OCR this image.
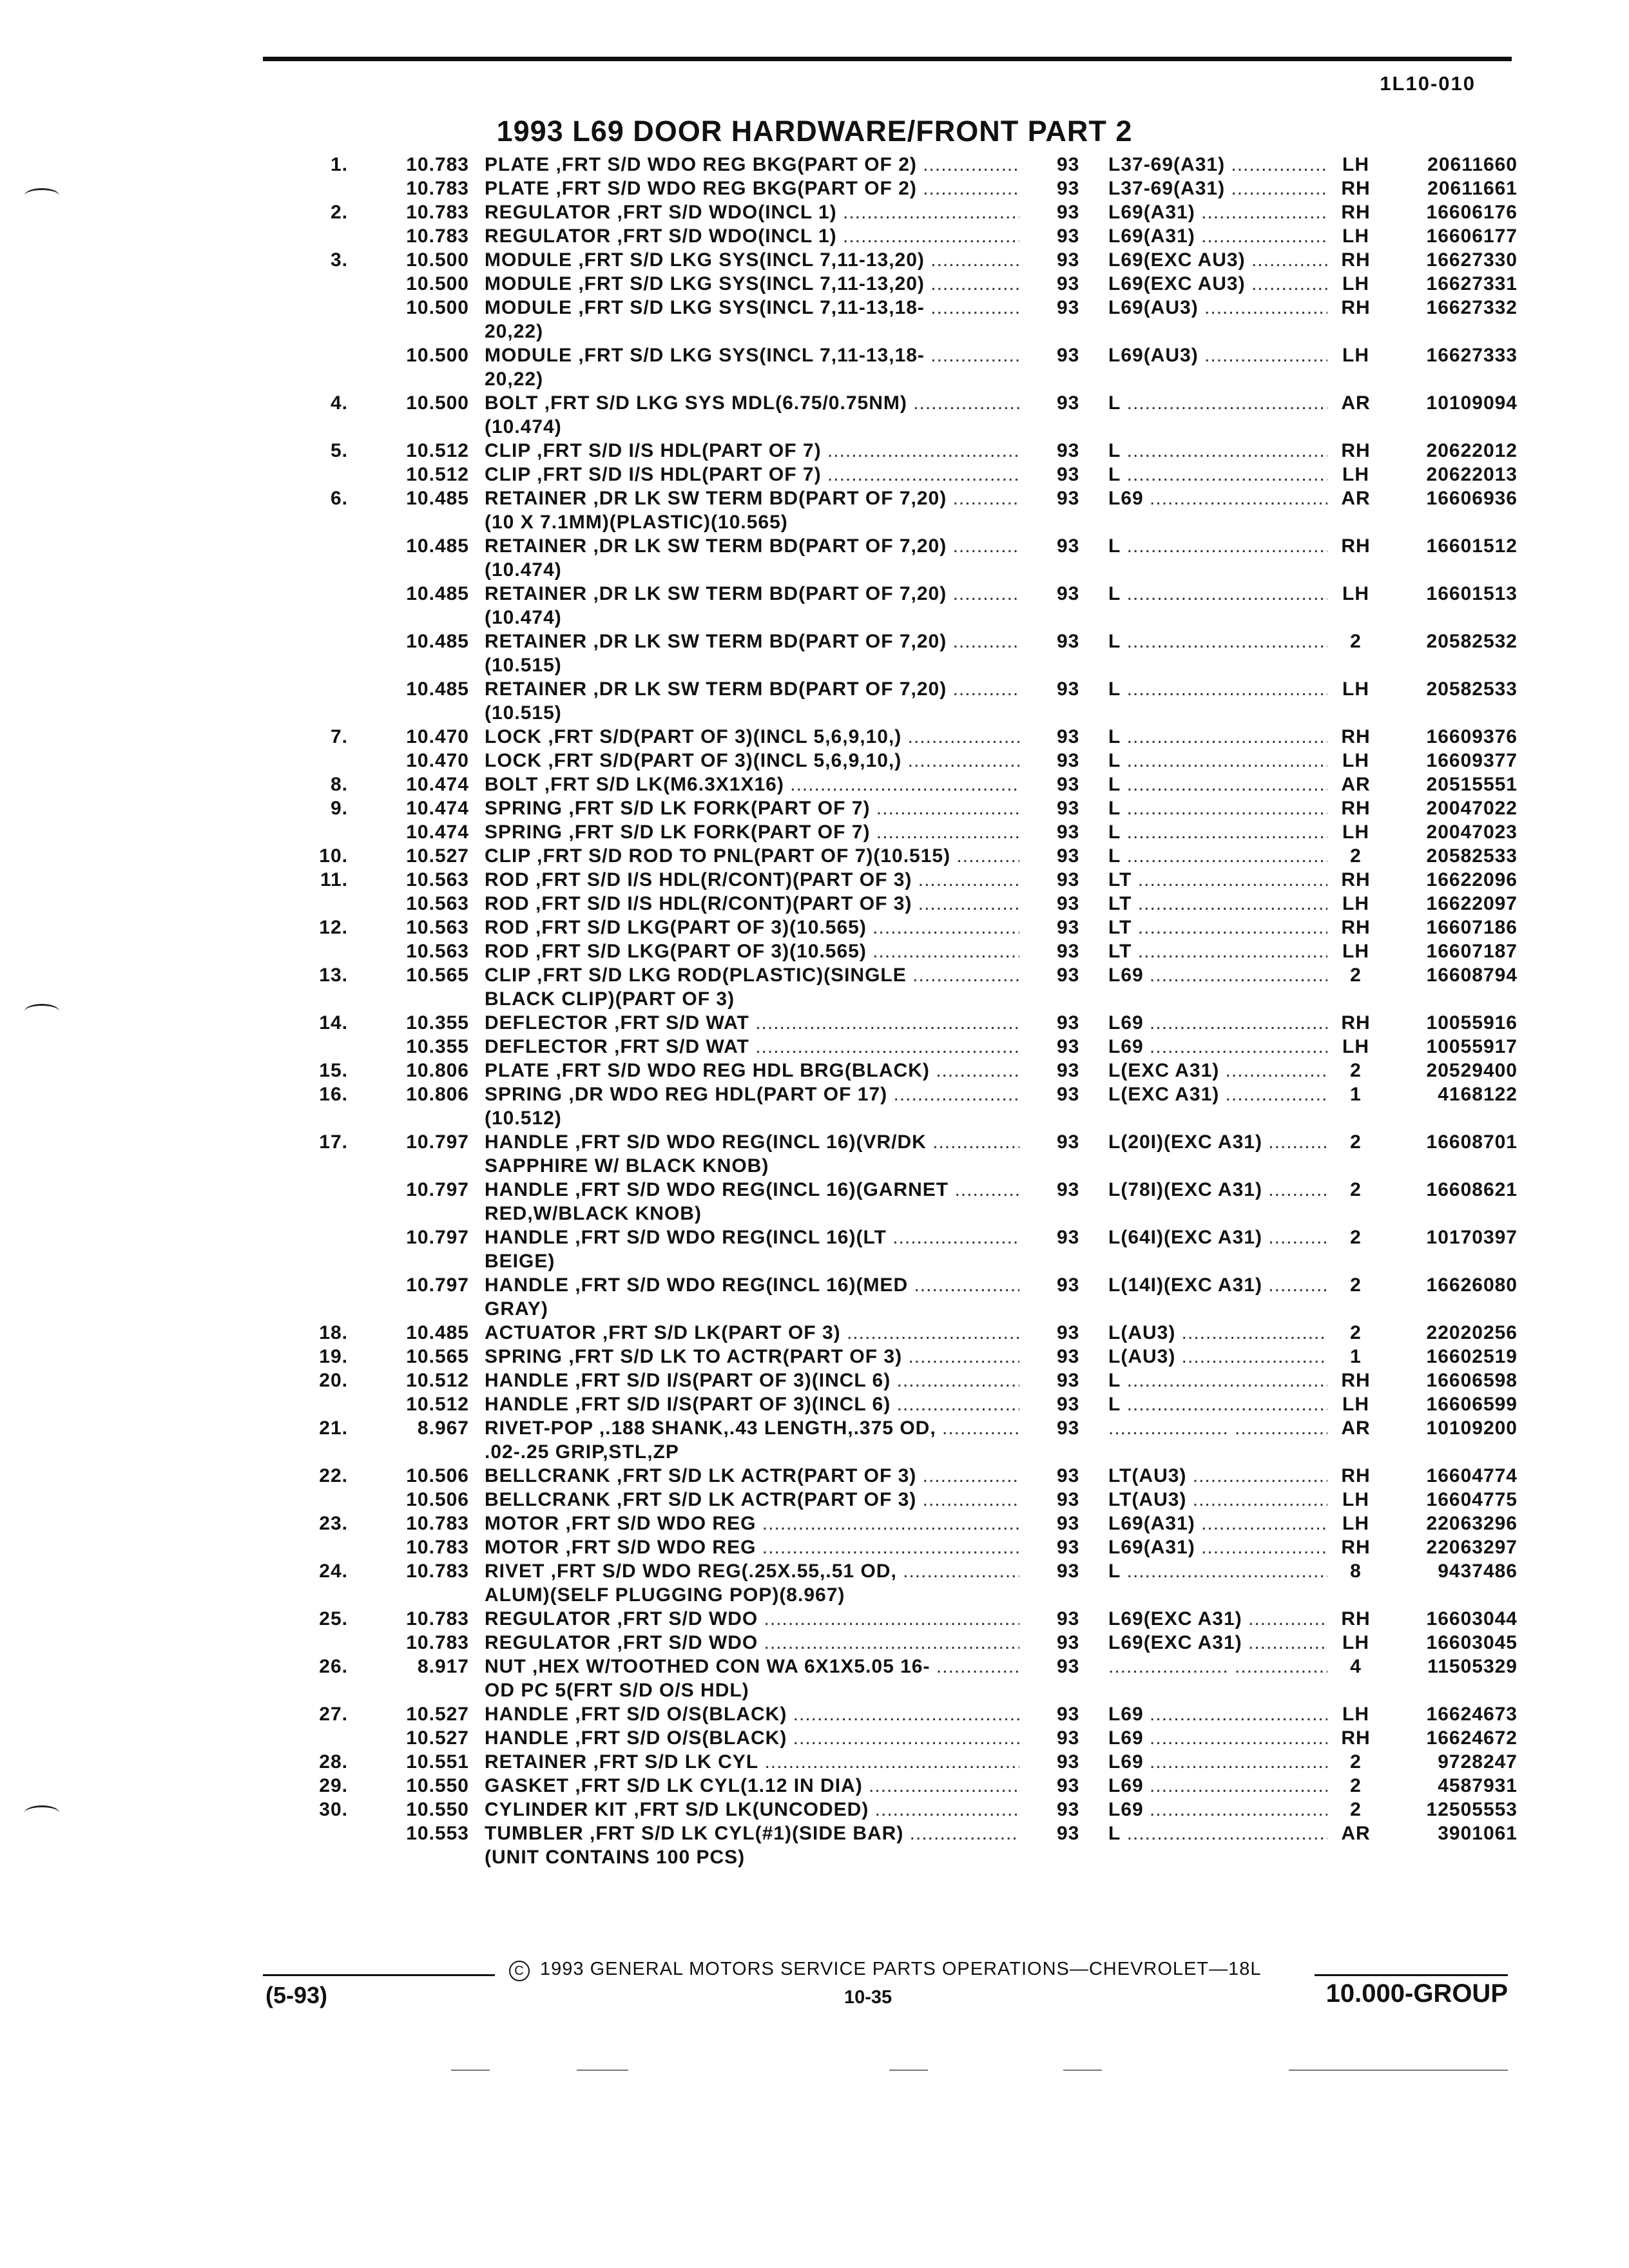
1L10-010
1993 L69 DOOR HARDWARE/FRONT PART 2
1.	10.783 PLATE ,FRT S/D WDO REG BKG(PART OF 2) .....	93 L37-69(A31) .....	LH	20611660
10.783 PLATE ,FRT S/D WDO REG BKG(PART OF 2) .....	93 L37-69(A31) .....	RH	20611661
2.	10.783 REGULATOR ,FRT S/D WDO(INCL 1) .....	93 L69(A31) .....	RH	16606176
10.783 REGULATOR ,FRT S/D WDO(INCL 1) .....	93 L69(A31) .....	LH	16606177
3.	10.500 MODULE ,FRT S/D LKG SYS(INCL 7,11-13,20) .....	93 L69(EXC AU3) .....	RH	16627330
10.500 MODULE ,FRT S/D LKG SYS(INCL 7,11-13,20) .....	93 L69(EXC AU3) .....	LH	16627331
10.500 MODULE ,FRT S/D LKG SYS(INCL 7,11-13,18- .....	93 L69(AU3) .....	RH	16627332
20,22)
10.500 MODULE ,FRT S/D LKG SYS(INCL 7,11-13,18- .....	93 L69(AU3) .....	LH	16627333
20,22)
4.	10.500 BOLT ,FRT S/D LKG SYS MDL(6.75/0.75NM) .....	93 L .....	AR	10109094
(10.474)
5.	10.512 CLIP ,FRT S/D I/S HDL(PART OF 7) .....	93 L .....	RH	20622012
10.512 CLIP ,FRT S/D I/S HDL(PART OF 7) .....	93 L .....	LH	20622013
6.	10.485 RETAINER ,DR LK SW TERM BD(PART OF 7,20) .....	93 L69 .....	AR	16606936
(10 X 7.1MM)(PLASTIC)(10.565)
10.485 RETAINER ,DR LK SW TERM BD(PART OF 7,20) .....	93 L .....	RH	16601512
(10.474)
10.485 RETAINER ,DR LK SW TERM BD(PART OF 7,20) .....	93 L .....	LH	16601513
(10.474)
10.485 RETAINER ,DR LK SW TERM BD(PART OF 7,20) .....	93 L .....	2	20582532
(10.515)
10.485 RETAINER ,DR LK SW TERM BD(PART OF 7,20) .....	93 L .....	LH	20582533
(10.515)
7.	10.470 LOCK ,FRT S/D(PART OF 3)(INCL 5,6,9,10,) .....	93 L .....	RH	16609376
10.470 LOCK ,FRT S/D(PART OF 3)(INCL 5,6,9,10,) .....	93 L .....	LH	16609377
8.	10.474 BOLT ,FRT S/D LK(M6.3X1X16) .....	93 L .....	AR	20515551
9.	10.474 SPRING ,FRT S/D LK FORK(PART OF 7) .....	93 L .....	RH	20047022
10.474 SPRING ,FRT S/D LK FORK(PART OF 7) .....	93 L .....	LH	20047023
10.	10.527 CLIP ,FRT S/D ROD TO PNL(PART OF 7)(10.515) .....	93 L .....	2	20582533
11.	10.563 ROD ,FRT S/D I/S HDL(R/CONT)(PART OF 3) .....	93 LT .....	RH	16622096
10.563 ROD ,FRT S/D I/S HDL(R/CONT)(PART OF 3) .....	93 LT .....	LH	16622097
12.	10.563 ROD ,FRT S/D LKG(PART OF 3)(10.565) .....	93 LT .....	RH	16607186
10.563 ROD ,FRT S/D LKG(PART OF 3)(10.565) .....	93 LT .....	LH	16607187
13.	10.565 CLIP ,FRT S/D LKG ROD(PLASTIC)(SINGLE .....	93 L69 .....	2	16608794
BLACK CLIP)(PART OF 3)
14.	10.355 DEFLECTOR ,FRT S/D WAT .....	93 L69 .....	RH	10055916
10.355 DEFLECTOR ,FRT S/D WAT .....	93 L69 .....	LH	10055917
15.	10.806 PLATE ,FRT S/D WDO REG HDL BRG(BLACK) .....	93 L(EXC A31) .....	2	20529400
16.	10.806 SPRING ,DR WDO REG HDL(PART OF 17) .....	93 L(EXC A31) .....	1	4168122
(10.512)
17.	10.797 HANDLE ,FRT S/D WDO REG(INCL 16)(VR/DK .....	93 L(20I)(EXC A31) .....	2	16608701
SAPPHIRE W/ BLACK KNOB)
10.797 HANDLE ,FRT S/D WDO REG(INCL 16)(GARNET .....	93 L(78I)(EXC A31) .....	2	16608621
RED,W/BLACK KNOB)
10.797 HANDLE ,FRT S/D WDO REG(INCL 16)(LT .....	93 L(64I)(EXC A31) .....	2	10170397
BEIGE)
10.797 HANDLE ,FRT S/D WDO REG(INCL 16)(MED .....	93 L(14I)(EXC A31) .....	2	16626080
GRAY)
18.	10.485 ACTUATOR ,FRT S/D LK(PART OF 3) .....	93 L(AU3) .....	2	22020256
19.	10.565 SPRING ,FRT S/D LK TO ACTR(PART OF 3) .....	93 L(AU3) .....	1	16602519
20.	10.512 HANDLE ,FRT S/D I/S(PART OF 3)(INCL 6) .....	93 L .....	RH	16606598
10.512 HANDLE ,FRT S/D I/S(PART OF 3)(INCL 6) .....	93 L .....	LH	16606599
21.	8.967 RIVET-POP ,.188 SHANK,.43 LENGTH,.375 OD, .....	93 ..... .....	AR	10109200
.02-.25 GRIP,STL,ZP
22.	10.506 BELLCRANK ,FRT S/D LK ACTR(PART OF 3) .....	93 LT(AU3) .....	RH	16604774
10.506 BELLCRANK ,FRT S/D LK ACTR(PART OF 3) .....	93 LT(AU3) .....	LH	16604775
23.	10.783 MOTOR ,FRT S/D WDO REG .....	93 L69(A31) .....	LH	22063296
10.783 MOTOR ,FRT S/D WDO REG .....	93 L69(A31) .....	RH	22063297
24.	10.783 RIVET ,FRT S/D WDO REG(.25X.55,.51 OD, .....	93 L .....	8	9437486
ALUM)(SELF PLUGGING POP)(8.967)
25.	10.783 REGULATOR ,FRT S/D WDO .....	93 L69(EXC A31) .....	RH	16603044
10.783 REGULATOR ,FRT S/D WDO .....	93 L69(EXC A31) .....	LH	16603045
26.	8.917 NUT ,HEX W/TOOTHED CON WA 6X1X5.05 16- .....	93 ..... .....	4	11505329
OD PC 5(FRT S/D O/S HDL)
27.	10.527 HANDLE ,FRT S/D O/S(BLACK) .....	93 L69 .....	LH	16624673
10.527 HANDLE ,FRT S/D O/S(BLACK) .....	93 L69 .....	RH	16624672
28.	10.551 RETAINER ,FRT S/D LK CYL .....	93 L69 .....	2	9728247
29.	10.550 GASKET ,FRT S/D LK CYL(1.12 IN DIA) .....	93 L69 .....	2	4587931
30.	10.550 CYLINDER KIT ,FRT S/D LK(UNCODED) .....	93 L69 .....	2	12505553
10.553 TUMBLER ,FRT S/D LK CYL(#1)(SIDE BAR) .....	93 L .....	AR	3901061
(UNIT CONTAINS 100 PCS)
C 1993 GENERAL MOTORS SERVICE PARTS OPERATIONS—CHEVROLET—18L
(5-93)	10-35	10.000-GROUP
